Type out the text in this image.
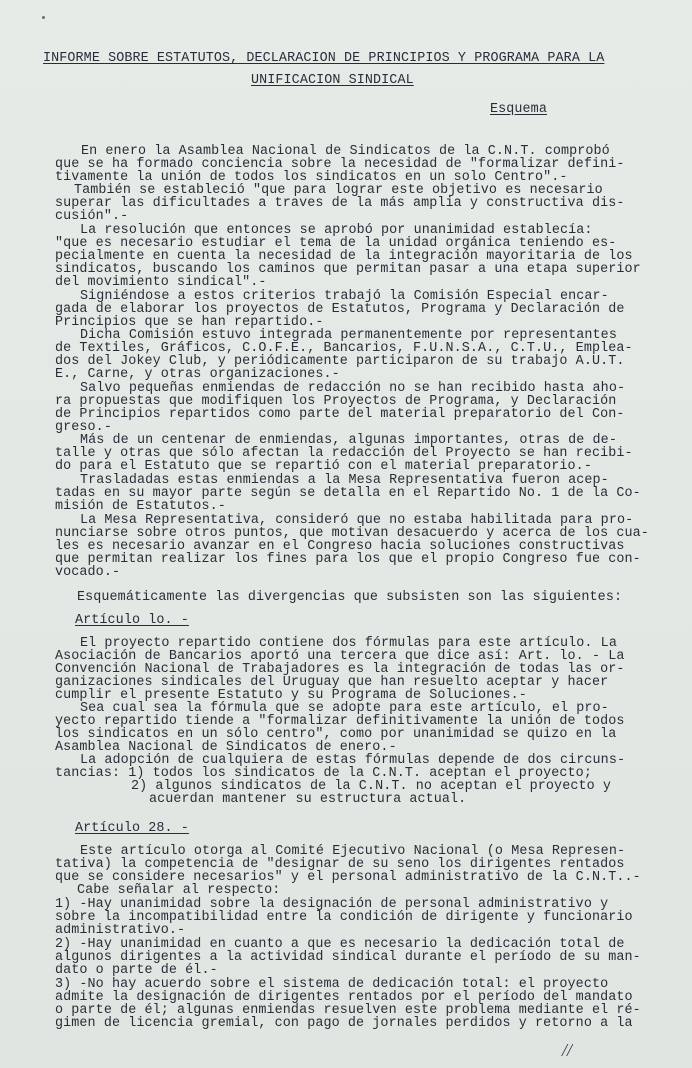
INFORME SOBRE ESTATUTOS, DECLARACION DE PRINCIPIOS Y PROGRAMA PARA LA
UNIFICACION SINDICAL
Esquema
En enero la Asamblea Nacional de Sindicatos de la C.N.T. comprobó
que se ha formado conciencia sobre la necesidad de "formalizar defini-
tivamente la unión de todos los sindicatos en un solo Centro".-
También se estableció "que para lograr este objetivo es necesario
superar las dificultades a traves de la más amplia y constructiva dis-
cusión".-
La resolución que entonces se aprobó por unanimidad establecía:
"que es necesario estudiar el tema de la unidad orgánica teniendo es-
pecialmente en cuenta la necesidad de la integración mayoritaria de los
sindicatos, buscando los caminos que permitan pasar a una etapa superior
del movimiento sindical".-
Signiéndose a estos criterios trabajó la Comisión Especial encar-
gada de elaborar los proyectos de Estatutos, Programa y Declaración de
Principios que se han repartido.-
Dicha Comisión estuvo integrada permanentemente por representantes
de Textiles, Gráficos, C.O.F.E., Bancarios, F.U.N.S.A., C.T.U., Emplea-
dos del Jokey Club, y periódicamente participaron de su trabajo A.U.T.
E., Carne, y otras organizaciones.-
Salvo pequeñas enmiendas de redacción no se han recibido hasta aho-
ra propuestas que modifiquen los Proyectos de Programa, y Declaración
de Principios repartidos como parte del material preparatorio del Con-
greso.-
Más de un centenar de enmiendas, algunas importantes, otras de de-
talle y otras que sólo afectan la redacción del Proyecto se han recibi-
do para el Estatuto que se repartió con el material preparatorio.-
Trasladadas estas enmiendas a la Mesa Representativa fueron acep-
tadas en su mayor parte según se detalla en el Repartido No. 1 de la Co-
misión de Estatutos.-
La Mesa Representativa, consideró que no estaba habilitada para pro-
nunciarse sobre otros puntos, que motivan desacuerdo y acerca de los cua-
les es necesario avanzar en el Congreso hacia soluciones constructivas
que permitan realizar los fines para los que el propio Congreso fue con-
vocado.-
Esquemáticamente las divergencias que subsisten son las siguientes:
Artículo lo. -
El proyecto repartido contiene dos fórmulas para este artículo. La
Asociación de Bancarios aportó una tercera que dice así: Art. lo. - La
Convención Nacional de Trabajadores es la integración de todas las or-
ganizaciones sindicales del Uruguay que han resuelto aceptar y hacer
cumplir el presente Estatuto y su Programa de Soluciones.-
Sea cual sea la fórmula que se adopte para este artículo, el pro-
yecto repartido tiende a "formalizar definitivamente la unión de todos
los sindicatos en un sólo centro", como por unanimidad se quizo en la
Asamblea Nacional de Sindicatos de enero.-
La adopción de cualquiera de estas fórmulas depende de dos circuns-
tancias: 1) todos los sindicatos de la C.N.T. aceptan el proyecto;
2) algunos sindicatos de la C.N.T. no aceptan el proyecto y
acuerdan mantener su estructura actual.
Artículo 28. -
Este artículo otorga al Comité Ejecutivo Nacional (o Mesa Represen-
tativa) la competencia de "designar de su seno los dirigentes rentados
que se considere necesarios" y el personal administrativo de la C.N.T..-
Cabe señalar al respecto:
1) -Hay unanimidad sobre la designación de personal administrativo y
sobre la incompatibilidad entre la condición de dirigente y funcionario
administrativo.-
2) -Hay unanimidad en cuanto a que es necesario la dedicación total de
algunos dirigentes a la actividad sindical durante el período de su man-
dato o parte de él.-
3) -No hay acuerdo sobre el sistema de dedicación total: el proyecto
admite la designación de dirigentes rentados por el período del mandato
o parte de él; algunas enmiendas resuelven este problema mediante el ré-
gimen de licencia gremial, con pago de jornales perdidos y retorno a la
//
